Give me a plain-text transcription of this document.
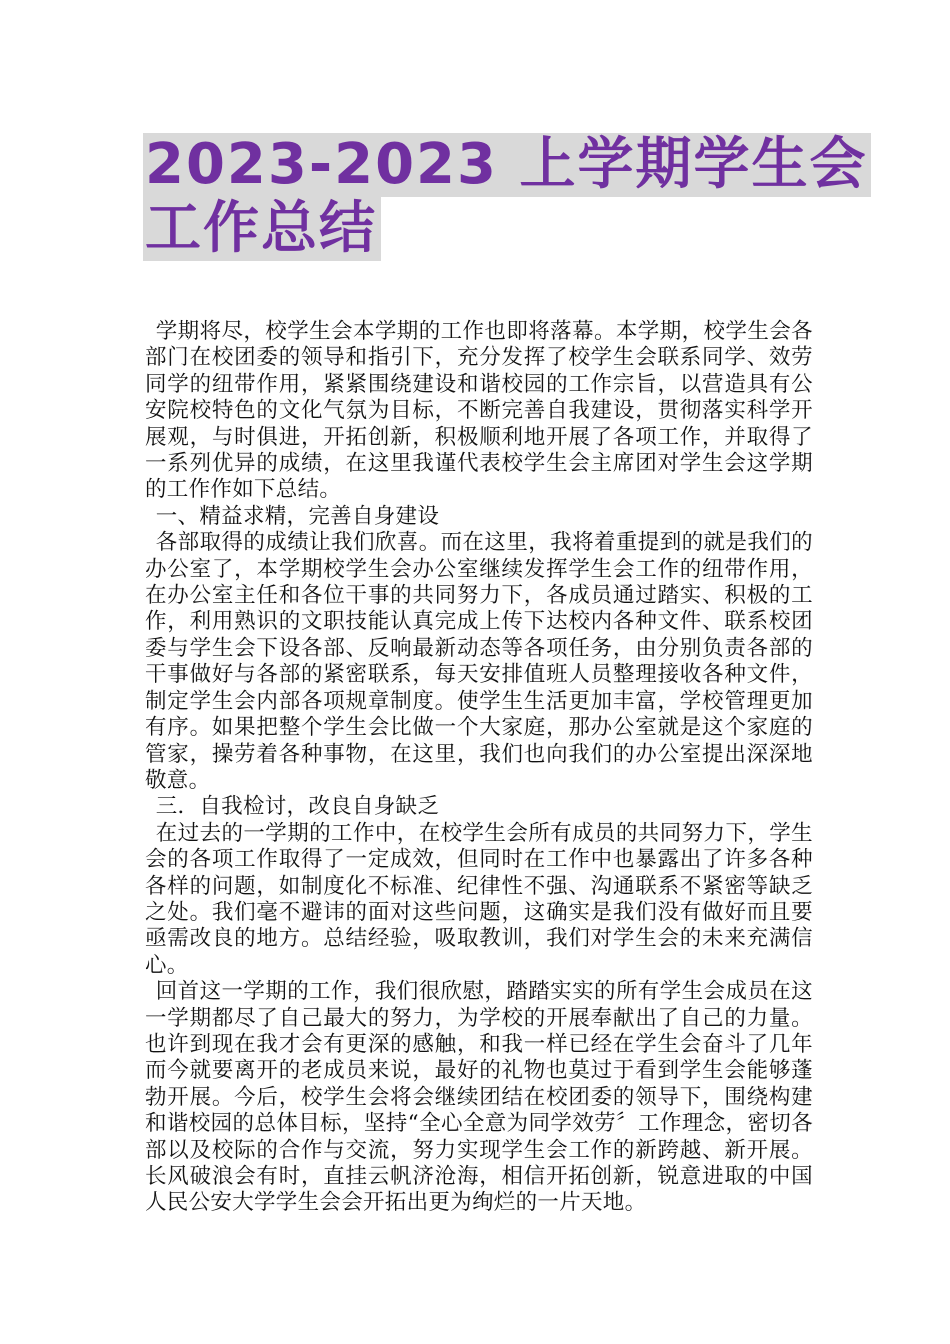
2023-2023 上学期学生会
工作总结

学期将尽，校学生会本学期的工作也即将落幕。本学期，校学生会各部门在校团委的领导和指引下，充分发挥了校学生会联系同学、效劳同学的纽带作用，紧紧围绕建设和谐校园的工作宗旨，以营造具有公安院校特色的文化气氛为目标，不断完善自我建设，贯彻落实科学开展观，与时俱进，开拓创新，积极顺利地开展了各项工作，并取得了一系列优异的成绩，在这里我谨代表校学生会主席团对学生会这学期的工作作如下总结。

一、精益求精，完善自身建设

各部取得的成绩让我们欣喜。而在这里，我将着重提到的就是我们的办公室了，本学期校学生会办公室继续发挥学生会工作的纽带作用，在办公室主任和各位干事的共同努力下，各成员通过踏实、积极的工作，利用熟识的文职技能认真完成上传下达校内各种文件、联系校团委与学生会下设各部、反响最新动态等各项任务，由分别负责各部的干事做好与各部的紧密联系，每天安排值班人员整理接收各种文件，制定学生会内部各项规章制度。使学生生活更加丰富，学校管理更加有序。如果把整个学生会比做一个大家庭，那办公室就是这个家庭的管家，操劳着各种事物，在这里，我们也向我们的办公室提出深深地敬意。

三．自我检讨，改良自身缺乏

在过去的一学期的工作中，在校学生会所有成员的共同努力下，学生会的各项工作取得了一定成效，但同时在工作中也暴露出了许多各种各样的问题，如制度化不标准、纪律性不强、沟通联系不紧密等缺乏之处。我们毫不避讳的面对这些问题，这确实是我们没有做好而且要亟需改良的地方。总结经验，吸取教训，我们对学生会的未来充满信心。

回首这一学期的工作，我们很欣慰，踏踏实实的所有学生会成员在这一学期都尽了自己最大的努力，为学校的开展奉献出了自己的力量。也许到现在我才会有更深的感触，和我一样已经在学生会奋斗了几年而今就要离开的老成员来说，最好的礼物也莫过于看到学生会能够蓬勃开展。今后，校学生会将会继续团结在校团委的领导下，围绕构建和谐校园的总体目标，坚持“全心全意为同学效劳〞工作理念，密切各部以及校际的合作与交流，努力实现学生会工作的新跨越、新开展。长风破浪会有时，直挂云帆济沧海，相信开拓创新，锐意进取的中国人民公安大学学生会会开拓出更为绚烂的一片天地。
